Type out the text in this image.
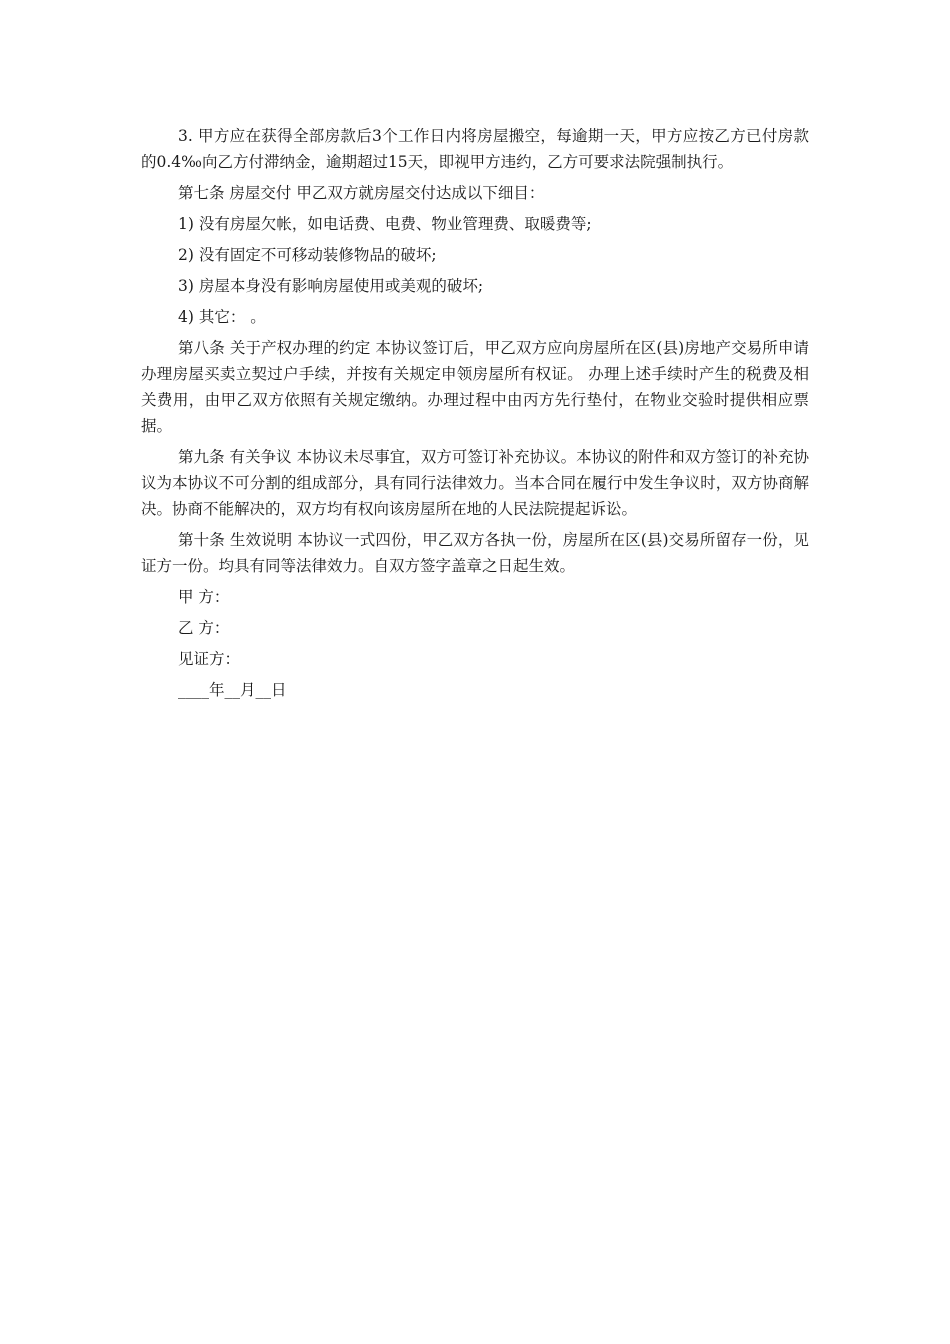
3. 甲方应在获得全部房款后3个工作日内将房屋搬空，每逾期一天，甲方应按乙方已付房款的0.4‰向乙方付滞纳金，逾期超过15天，即视甲方违约，乙方可要求法院强制执行。

第七条 房屋交付 甲乙双方就房屋交付达成以下细目：

1) 没有房屋欠帐，如电话费、电费、物业管理费、取暖费等;

2) 没有固定不可移动装修物品的破坏;

3) 房屋本身没有影响房屋使用或美观的破坏;

4) 其它： 。

第八条 关于产权办理的约定 本协议签订后，甲乙双方应向房屋所在区(县)房地产交易所申请办理房屋买卖立契过户手续，并按有关规定申领房屋所有权证。 办理上述手续时产生的税费及相关费用，由甲乙双方依照有关规定缴纳。办理过程中由丙方先行垫付，在物业交验时提供相应票据。

第九条 有关争议 本协议未尽事宜，双方可签订补充协议。本协议的附件和双方签订的补充协议为本协议不可分割的组成部分，具有同行法律效力。当本合同在履行中发生争议时，双方协商解决。协商不能解决的，双方均有权向该房屋所在地的人民法院提起诉讼。

第十条 生效说明 本协议一式四份，甲乙双方各执一份，房屋所在区(县)交易所留存一份，见证方一份。均具有同等法律效力。自双方签字盖章之日起生效。

甲 方：

乙 方：

见证方：

____年__月__日
